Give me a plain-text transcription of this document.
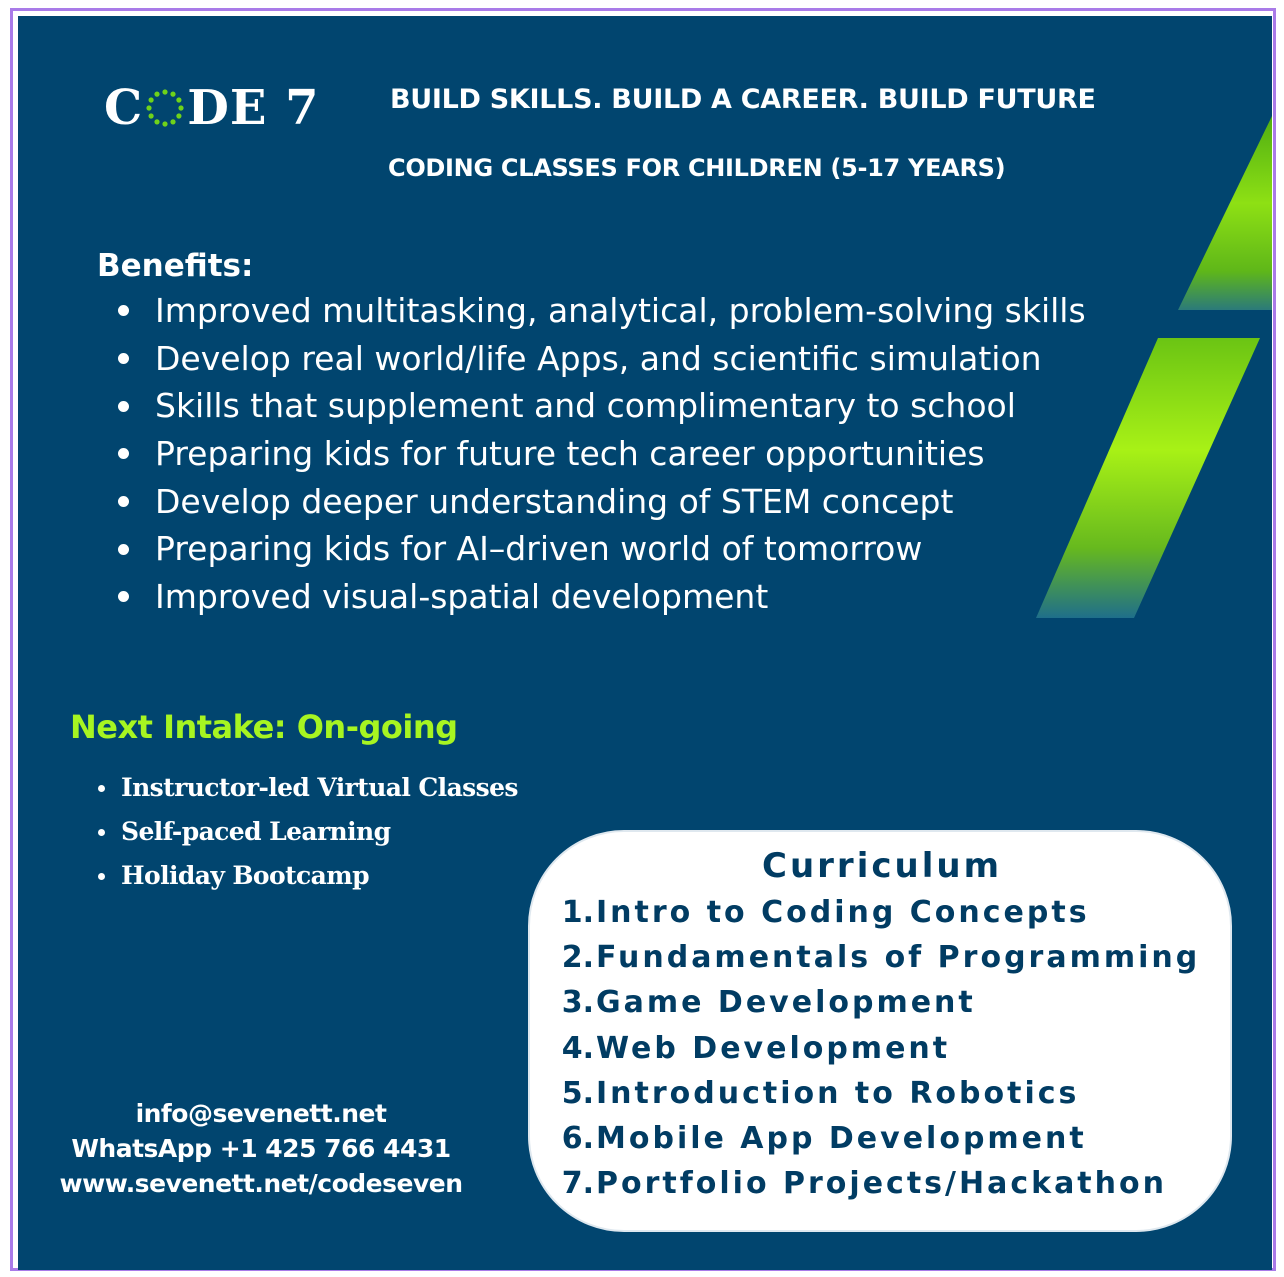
C DE 7	BUILD SKILLS. BUILD A CAREER. BUILD FUTURE
CODING CLASSES FOR CHILDREN (5-17 YEARS)
Benefits:
Improved multitasking, analytical, problem-solving skills
Develop real world/life Apps, and scientific simulation
Skills that supplement and complimentary to school
Preparing kids for future tech career opportunities
Develop deeper understanding of STEM concept
Preparing kids for AI–driven world of tomorrow
Improved visual-spatial development
Next Intake: On-going
Instructor-led Virtual Classes
Self-paced Learning
Holiday Bootcamp
info@sevenett.net
WhatsApp +1 425 766 4431
www.sevenett.net/codeseven
Curriculum
1. Intro to Coding Concepts
2. Fundamentals of Programming
3. Game Development
4. Web Development
5. Introduction to Robotics
6. Mobile App Development
7. Portfolio Projects/Hackathon
